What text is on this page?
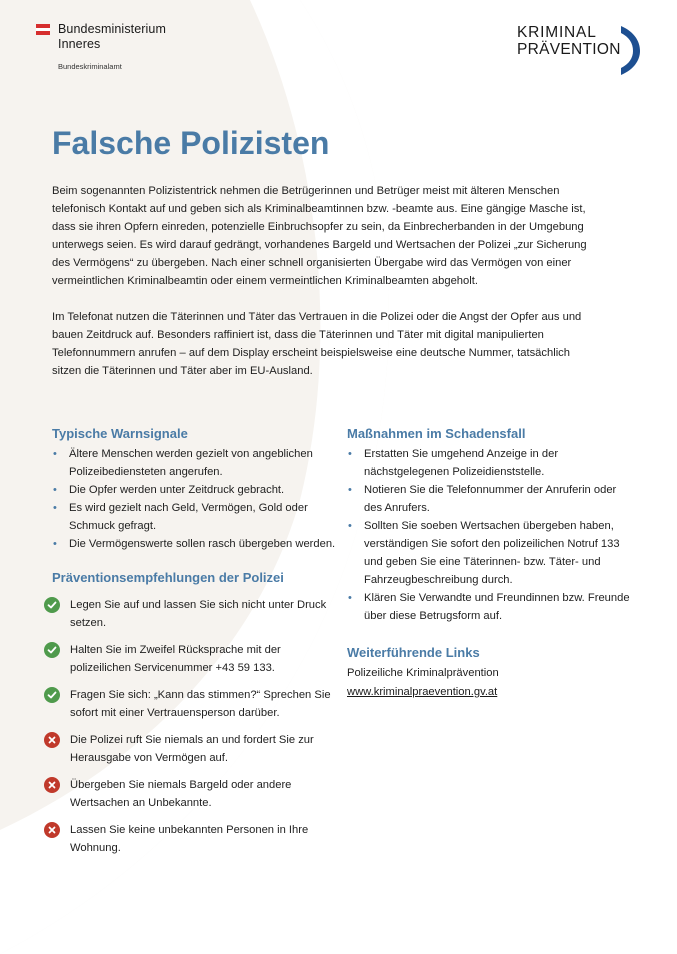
Bundesministerium
Inneres
Bundeskriminalamt
KRIMINAL
PRÄVENTION
Falsche Polizisten

Beim sogenannten Polizistentrick nehmen die Betrügerinnen und Betrüger meist mit älteren Menschen telefonisch Kontakt auf und geben sich als Kriminalbeamtinnen bzw. -beamte aus. Eine gängige Masche ist, dass sie ihren Opfern einreden, potenzielle Einbruchsopfer zu sein, da Einbrecherbanden in der Umgebung unterwegs seien. Es wird darauf gedrängt, vorhandenes Bargeld und Wertsachen der Polizei „zur Sicherung des Vermögens“ zu übergeben. Nach einer schnell organisierten Übergabe wird das Vermögen von einer vermeintlichen Kriminalbeamtin oder einem vermeintlichen Kriminalbeamten abgeholt.

Im Telefonat nutzen die Täterinnen und Täter das Vertrauen in die Polizei oder die Angst der Opfer aus und bauen Zeitdruck auf. Besonders raffiniert ist, dass die Täterinnen und Täter mit digital manipulierten Telefonnummern anrufen – auf dem Display erscheint beispielsweise eine deutsche Nummer, tatsächlich sitzen die Täterinnen und Täter aber im EU-Ausland.

Typische Warnsignale
• Ältere Menschen werden gezielt von angeblichen Polizeibediensteten angerufen.
• Die Opfer werden unter Zeitdruck gebracht.
• Es wird gezielt nach Geld, Vermögen, Gold oder Schmuck gefragt.
• Die Vermögenswerte sollen rasch übergeben werden.
Präventionsempfehlungen der Polizei
Legen Sie auf und lassen Sie sich nicht unter Druck setzen.
Halten Sie im Zweifel Rücksprache mit der polizeilichen Servicenummer +43 59 133.
Fragen Sie sich: „Kann das stimmen?“ Sprechen Sie sofort mit einer Vertrauensperson darüber.
Die Polizei ruft Sie niemals an und fordert Sie zur Herausgabe von Vermögen auf.
Übergeben Sie niemals Bargeld oder andere Wertsachen an Unbekannte.
Lassen Sie keine unbekannten Personen in Ihre Wohnung.
Maßnahmen im Schadensfall
• Erstatten Sie umgehend Anzeige in der nächstgelegenen Polizeidienststelle.
• Notieren Sie die Telefonnummer der Anruferin oder des Anrufers.
• Sollten Sie soeben Wertsachen übergeben haben, verständigen Sie sofort den polizeilichen Notruf 133 und geben Sie eine Täterinnen- bzw. Täter- und Fahrzeugbeschreibung durch.
• Klären Sie Verwandte und Freundinnen bzw. Freunde über diese Betrugsform auf.
Weiterführende Links
Polizeiliche Kriminalprävention
www.kriminalpraevention.gv.at
